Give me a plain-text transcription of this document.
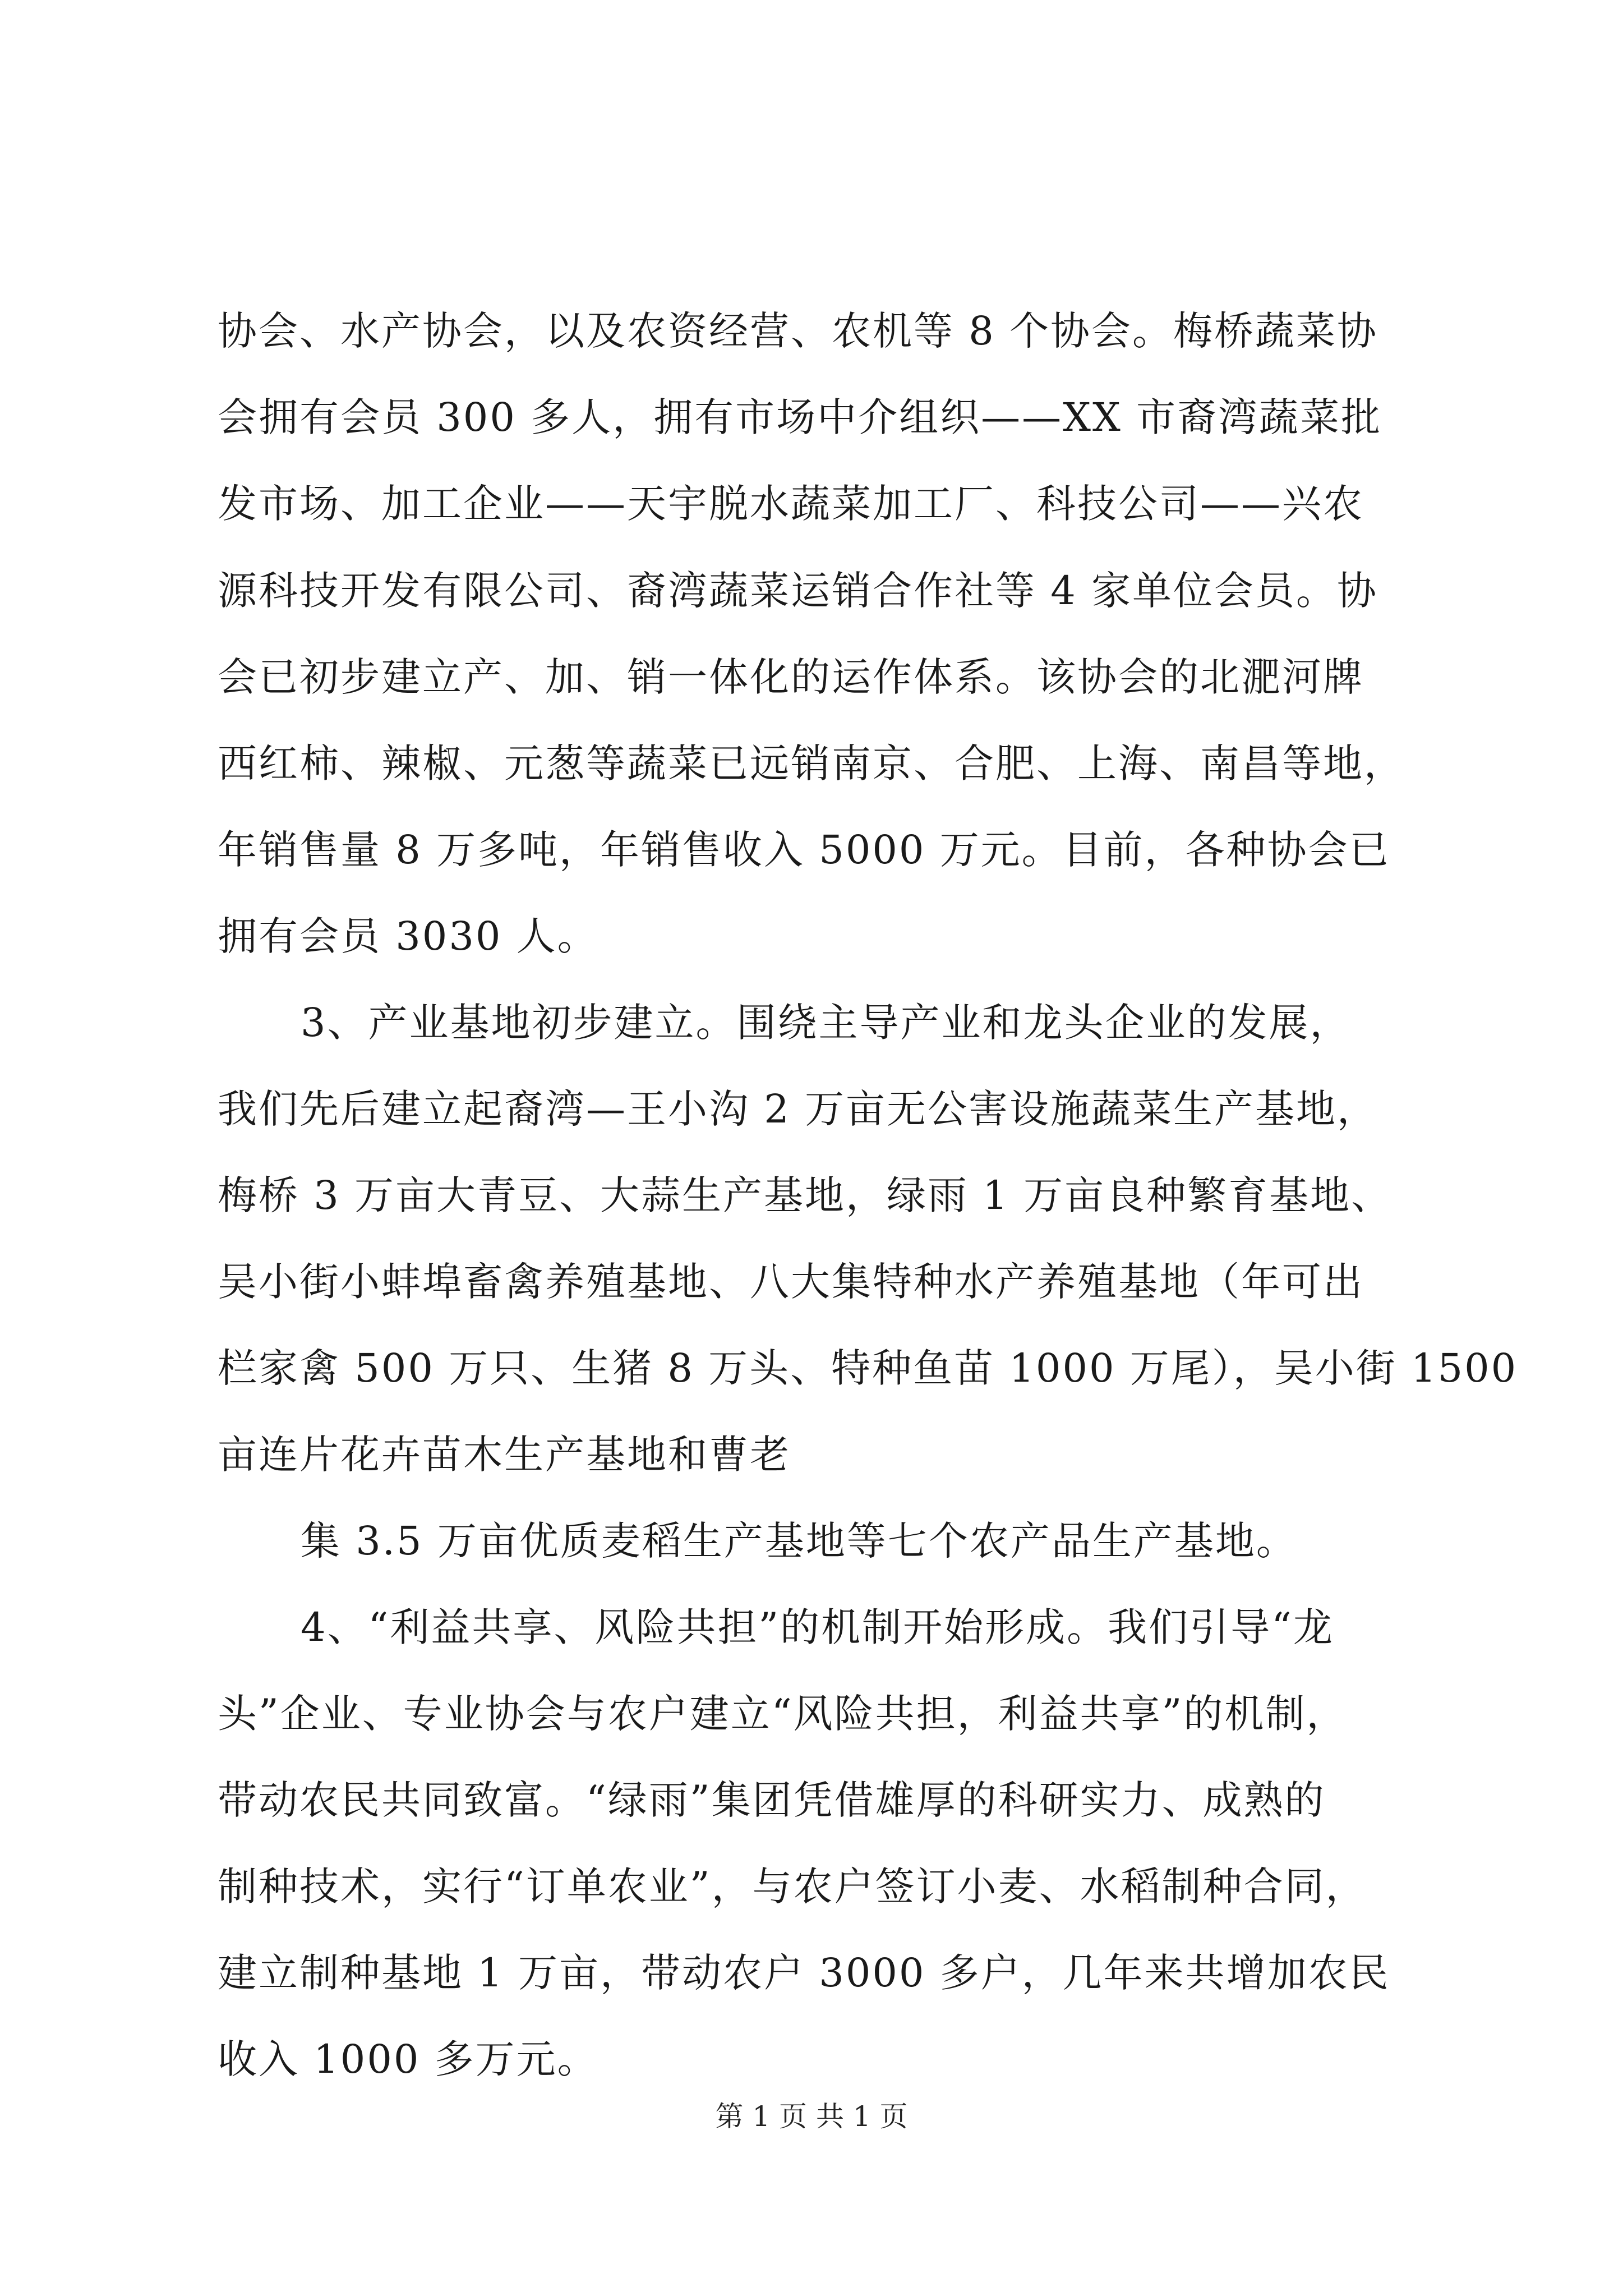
协会、水产协会，以及农资经营、农机等 8 个协会。梅桥蔬菜协
会拥有会员 300 多人，拥有市场中介组织——XX 市裔湾蔬菜批
发市场、加工企业——天宇脱水蔬菜加工厂、科技公司——兴农
源科技开发有限公司、裔湾蔬菜运销合作社等 4 家单位会员。协
会已初步建立产、加、销一体化的运作体系。该协会的北淝河牌
西红柿、辣椒、元葱等蔬菜已远销南京、合肥、上海、南昌等地，
年销售量 8 万多吨，年销售收入 5000 万元。目前，各种协会已
拥有会员 3030 人。
3、产业基地初步建立。围绕主导产业和龙头企业的发展，
我们先后建立起裔湾—王小沟 2 万亩无公害设施蔬菜生产基地，
梅桥 3 万亩大青豆、大蒜生产基地，绿雨 1 万亩良种繁育基地、
吴小街小蚌埠畜禽养殖基地、八大集特种水产养殖基地（年可出
栏家禽 500 万只、生猪 8 万头、特种鱼苗 1000 万尾），吴小街 1500
亩连片花卉苗木生产基地和曹老
集 3.5 万亩优质麦稻生产基地等七个农产品生产基地。
4、“利益共享、风险共担”的机制开始形成。我们引导“龙
头”企业、专业协会与农户建立“风险共担，利益共享”的机制，
带动农民共同致富。“绿雨”集团凭借雄厚的科研实力、成熟的
制种技术，实行“订单农业”，与农户签订小麦、水稻制种合同，
建立制种基地 1 万亩，带动农户 3000 多户，几年来共增加农民
收入 1000 多万元。
第 1 页 共 1 页
